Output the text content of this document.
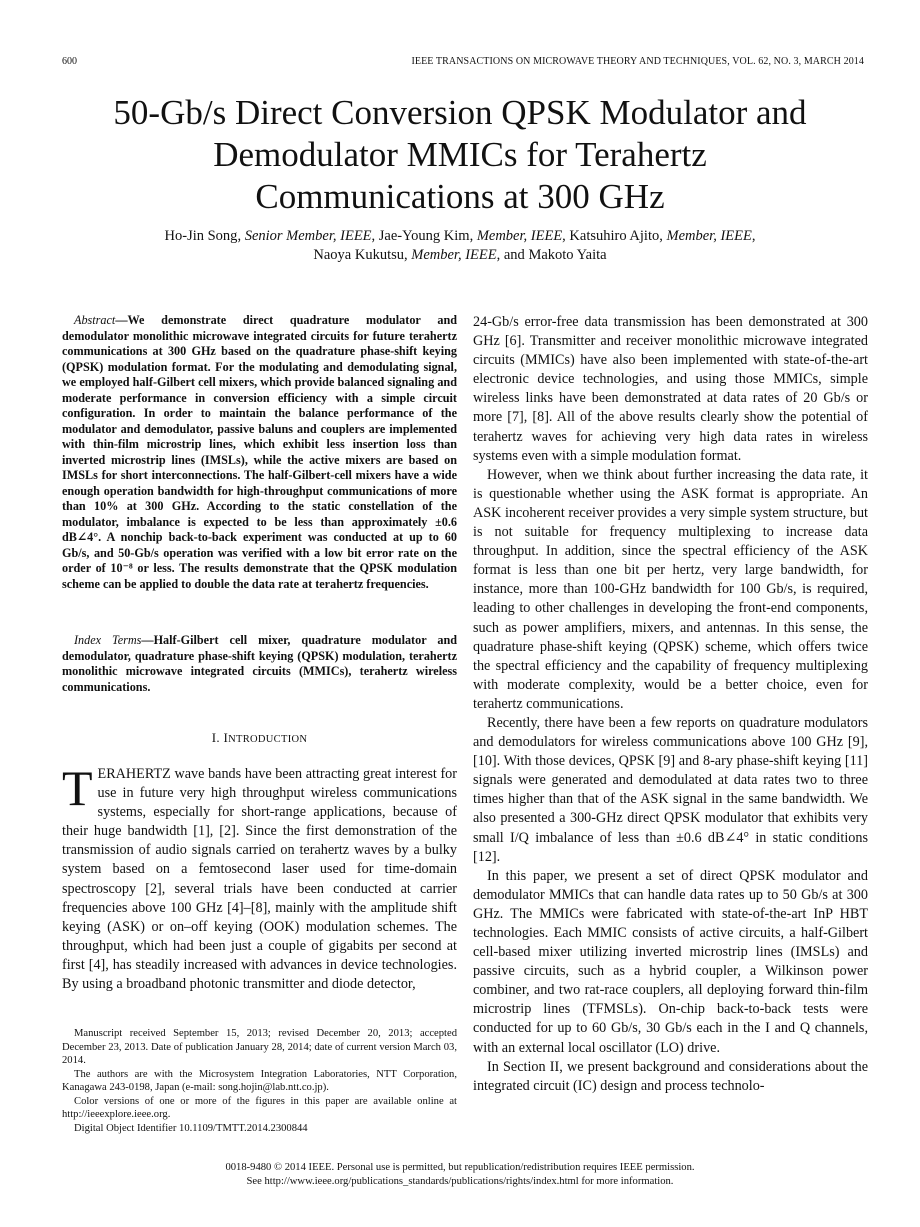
600	IEEE TRANSACTIONS ON MICROWAVE THEORY AND TECHNIQUES, VOL. 62, NO. 3, MARCH 2014
50-Gb/s Direct Conversion QPSK Modulator and
Demodulator MMICs for Terahertz
Communications at 300 GHz
Ho-Jin Song, Senior Member, IEEE, Jae-Young Kim, Member, IEEE, Katsuhiro Ajito, Member, IEEE,
Naoya Kukutsu, Member, IEEE, and Makoto Yaita
Abstract—We demonstrate direct quadrature modulator and demodulator monolithic microwave integrated circuits for future terahertz communications at 300 GHz based on the quadrature phase-shift keying (QPSK) modulation format. For the modulating and demodulating signal, we employed half-Gilbert cell mixers, which provide balanced signaling and moderate performance in conversion efficiency with a simple circuit configuration. In order to maintain the balance performance of the modulator and demodulator, passive baluns and couplers are implemented with thin-film microstrip lines, which exhibit less insertion loss than inverted microstrip lines (IMSLs), while the active mixers are based on IMSLs for short interconnections. The half-Gilbert-cell mixers have a wide enough operation bandwidth for high-throughput communications of more than 10% at 300 GHz. According to the static constellation of the modulator, imbalance is expected to be less than approximately ±0.6 dB∠4°. A nonchip back-to-back experiment was conducted at up to 60 Gb/s, and 50-Gb/s operation was verified with a low bit error rate on the order of 10⁻⁸ or less. The results demonstrate that the QPSK modulation scheme can be applied to double the data rate at terahertz frequencies.
Index Terms—Half-Gilbert cell mixer, quadrature modulator and demodulator, quadrature phase-shift keying (QPSK) modulation, terahertz monolithic microwave integrated circuits (MMICs), terahertz wireless communications.
I. INTRODUCTION
TERAHERTZ wave bands have been attracting great interest for use in future very high throughput wireless communications systems, especially for short-range applications, because of their huge bandwidth [1], [2]. Since the first demonstration of the transmission of audio signals carried on terahertz waves by a bulky system based on a femtosecond laser used for time-domain spectroscopy [2], several trials have been conducted at carrier frequencies above 100 GHz [4]–[8], mainly with the amplitude shift keying (ASK) or on–off keying (OOK) modulation schemes. The throughput, which had been just a couple of gigabits per second at first [4], has steadily increased with advances in device technologies. By using a broadband photonic transmitter and diode detector,

Manuscript received September 15, 2013; revised December 20, 2013; accepted December 23, 2013. Date of publication January 28, 2014; date of current version March 03, 2014.

The authors are with the Microsystem Integration Laboratories, NTT Corporation, Kanagawa 243-0198, Japan (e-mail: song.hojin@lab.ntt.co.jp).

Color versions of one or more of the figures in this paper are available online at http://ieeexplore.ieee.org.

Digital Object Identifier 10.1109/TMTT.2014.2300844

24-Gb/s error-free data transmission has been demonstrated at 300 GHz [6]. Transmitter and receiver monolithic microwave integrated circuits (MMICs) have also been implemented with state-of-the-art electronic device technologies, and using those MMICs, simple wireless links have been demonstrated at data rates of 20 Gb/s or more [7], [8]. All of the above results clearly show the potential of terahertz waves for achieving very high data rates in wireless systems even with a simple modulation format.

However, when we think about further increasing the data rate, it is questionable whether using the ASK format is appropriate. An ASK incoherent receiver provides a very simple system structure, but is not suitable for frequency multiplexing to increase data throughput. In addition, since the spectral efficiency of the ASK format is less than one bit per hertz, very large bandwidth, for instance, more than 100-GHz bandwidth for 100 Gb/s, is required, leading to other challenges in developing the front-end components, such as power amplifiers, mixers, and antennas. In this sense, the quadrature phase-shift keying (QPSK) scheme, which offers twice the spectral efficiency and the capability of frequency multiplexing with moderate complexity, would be a better choice, even for terahertz communications.

Recently, there have been a few reports on quadrature modulators and demodulators for wireless communications above 100 GHz [9], [10]. With those devices, QPSK [9] and 8-ary phase-shift keying [11] signals were generated and demodulated at data rates two to three times higher than that of the ASK signal in the same bandwidth. We also presented a 300-GHz direct QPSK modulator that exhibits very small I/Q imbalance of less than ±0.6 dB∠4° in static conditions [12].

In this paper, we present a set of direct QPSK modulator and demodulator MMICs that can handle data rates up to 50 Gb/s at 300 GHz. The MMICs were fabricated with state-of-the-art InP HBT technologies. Each MMIC consists of active circuits, a half-Gilbert cell-based mixer utilizing inverted microstrip lines (IMSLs) and passive circuits, such as a hybrid coupler, a Wilkinson power combiner, and two rat-race couplers, all deploying forward thin-film microstrip lines (TFMSLs). On-chip back-to-back tests were conducted for up to 60 Gb/s, 30 Gb/s each in the I and Q channels, with an external local oscillator (LO) drive.

In Section II, we present background and considerations about the integrated circuit (IC) design and process technolo-

0018-9480 © 2014 IEEE. Personal use is permitted, but republication/redistribution requires IEEE permission.
See http://www.ieee.org/publications_standards/publications/rights/index.html for more information.
